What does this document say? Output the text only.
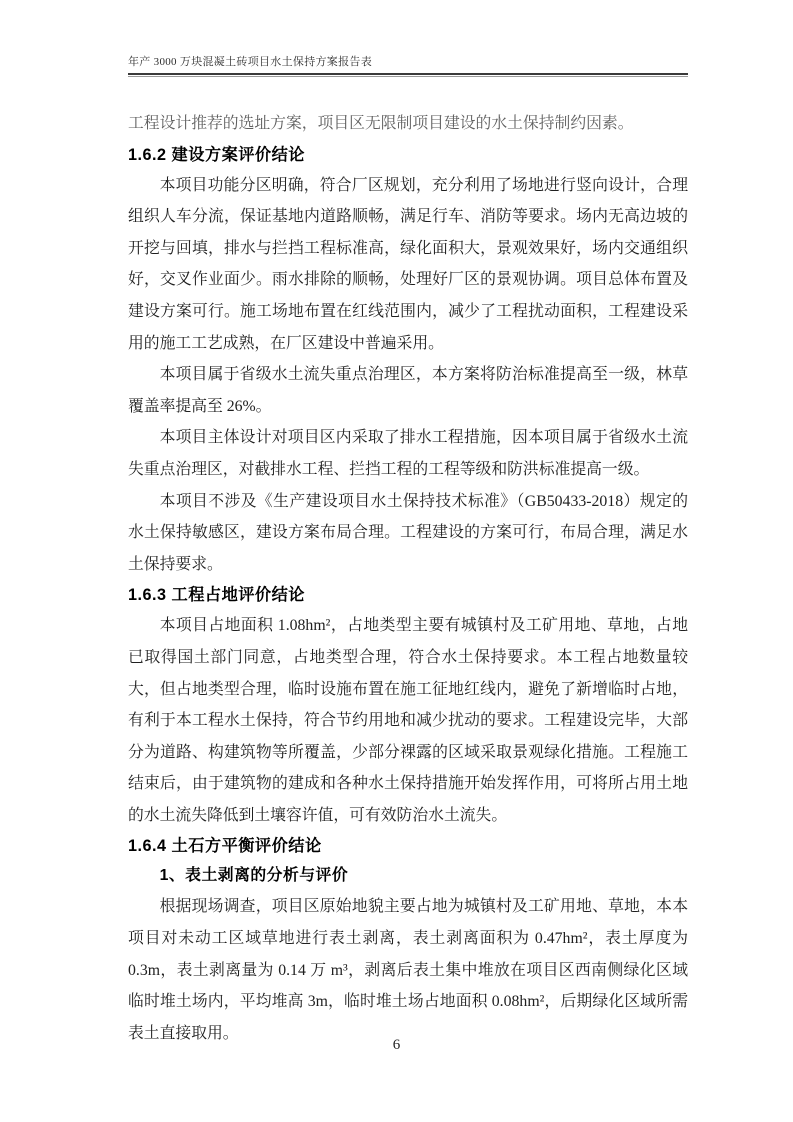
年产 3000 万块混凝土砖项目水土保持方案报告表

工程设计推荐的选址方案，项目区无限制项目建设的水土保持制约因素。

1.6.2 建设方案评价结论

本项目功能分区明确，符合厂区规划，充分利用了场地进行竖向设计，合理组织人车分流，保证基地内道路顺畅，满足行车、消防等要求。场内无高边坡的开挖与回填，排水与拦挡工程标准高，绿化面积大，景观效果好，场内交通组织好，交叉作业面少。雨水排除的顺畅，处理好厂区的景观协调。项目总体布置及建设方案可行。施工场地布置在红线范围内，减少了工程扰动面积，工程建设采用的施工工艺成熟，在厂区建设中普遍采用。

本项目属于省级水土流失重点治理区，本方案将防治标准提高至一级，林草覆盖率提高至 26%。

本项目主体设计对项目区内采取了排水工程措施，因本项目属于省级水土流失重点治理区，对截排水工程、拦挡工程的工程等级和防洪标准提高一级。

本项目不涉及《生产建设项目水土保持技术标准》（GB50433-2018）规定的水土保持敏感区，建设方案布局合理。工程建设的方案可行，布局合理，满足水土保持要求。

1.6.3 工程占地评价结论

本项目占地面积 1.08hm²，占地类型主要有城镇村及工矿用地、草地，占地已取得国土部门同意，占地类型合理，符合水土保持要求。本工程占地数量较大，但占地类型合理，临时设施布置在施工征地红线内，避免了新增临时占地，有利于本工程水土保持，符合节约用地和减少扰动的要求。工程建设完毕，大部分为道路、构建筑物等所覆盖，少部分裸露的区域采取景观绿化措施。工程施工结束后，由于建筑物的建成和各种水土保持措施开始发挥作用，可将所占用土地的水土流失降低到土壤容许值，可有效防治水土流失。

1.6.4 土石方平衡评价结论
1、表土剥离的分析与评价

根据现场调查，项目区原始地貌主要占地为城镇村及工矿用地、草地，本本项目对未动工区域草地进行表土剥离，表土剥离面积为 0.47hm²，表土厚度为 0.3m，表土剥离量为 0.14 万 m³，剥离后表土集中堆放在项目区西南侧绿化区域临时堆土场内，平均堆高 3m，临时堆土场占地面积 0.08hm²，后期绿化区域所需表土直接取用。

6
